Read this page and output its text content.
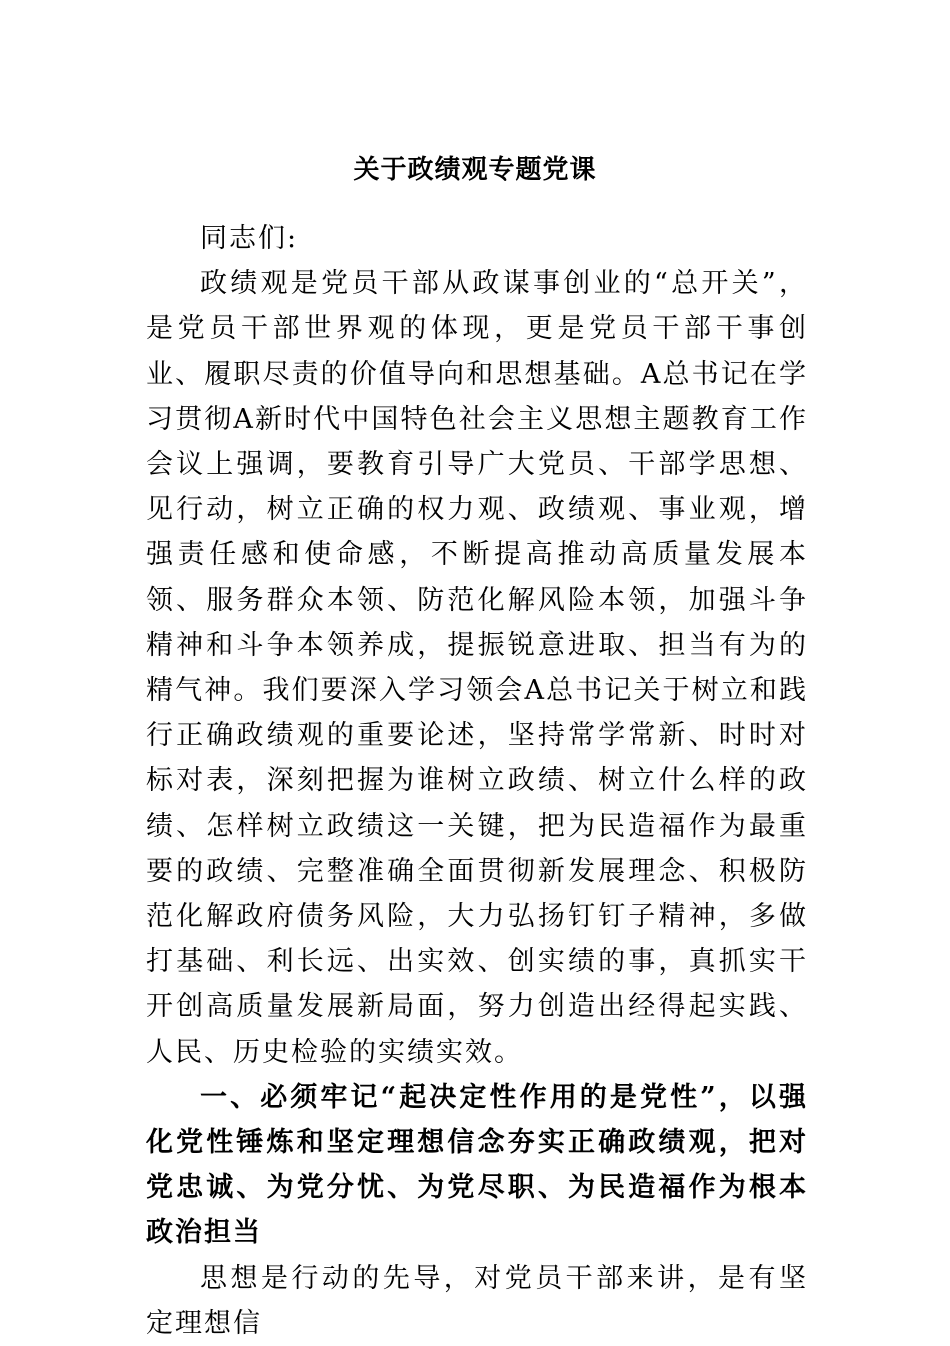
关于政绩观专题党课

同志们:

政绩观是党员干部从政谋事创业的“总开关”，是党员干部世界观的体现，更是党员干部干事创业、履职尽责的价值导向和思想基础。A总书记在学习贯彻A新时代中国特色社会主义思想主题教育工作会议上强调，要教育引导广大党员、干部学思想、见行动，树立正确的权力观、政绩观、事业观，增强责任感和使命感，不断提高推动高质量发展本领、服务群众本领、防范化解风险本领，加强斗争精神和斗争本领养成，提振锐意进取、担当有为的精气神。我们要深入学习领会A总书记关于树立和践行正确政绩观的重要论述，坚持常学常新、时时对标对表，深刻把握为谁树立政绩、树立什么样的政绩、怎样树立政绩这一关键，把为民造福作为最重要的政绩、完整准确全面贯彻新发展理念、积极防范化解政府债务风险，大力弘扬钉钉子精神，多做打基础、利长远、出实效、创实绩的事，真抓实干开创高质量发展新局面，努力创造出经得起实践、人民、历史检验的实绩实效。

一、必须牢记“起决定性作用的是党性”，以强化党性锤炼和坚定理想信念夯实正确政绩观，把对党忠诚、为党分忧、为党尽职、为民造福作为根本政治担当

思想是行动的先导，对党员干部来讲，是有坚定理想信
